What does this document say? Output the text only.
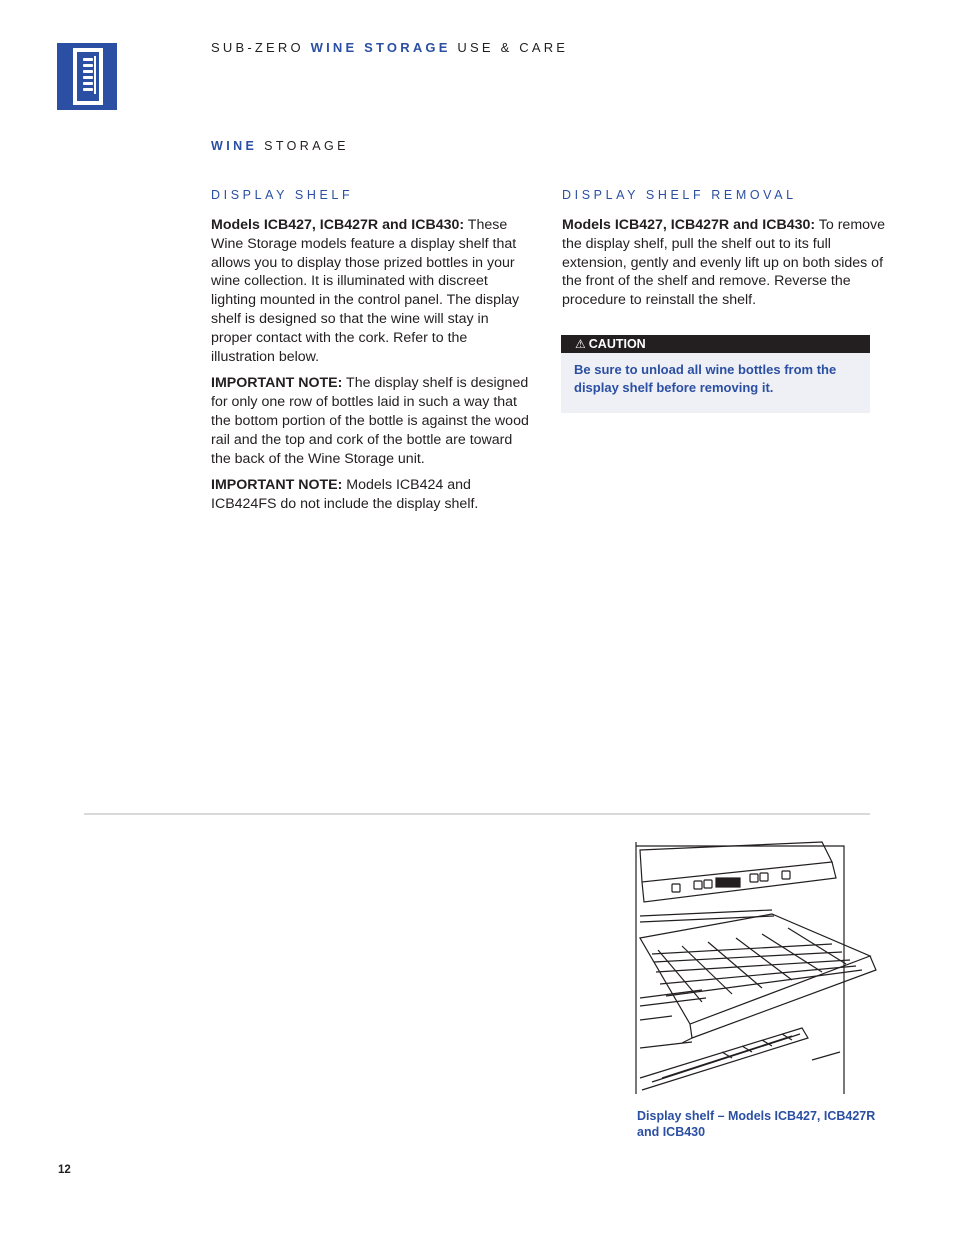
SUB-ZERO WINE STORAGE USE & CARE
WINE STORAGE
DISPLAY SHELF

Models ICB427, ICB427R and ICB430: These Wine Storage models feature a display shelf that allows you to display those prized bottles in your wine collection. It is illuminated with discreet lighting mounted in the control panel. The display shelf is designed so that the wine will stay in proper contact with the cork. Refer to the illustration below.

IMPORTANT NOTE: The display shelf is designed for only one row of bottles laid in such a way that the bottom portion of the bottle is against the wood rail and the top and cork of the bottle are toward the back of the Wine Storage unit.

IMPORTANT NOTE: Models ICB424 and ICB424FS do not include the display shelf.

DISPLAY SHELF REMOVAL

Models ICB427, ICB427R and ICB430: To remove the display shelf, pull the shelf out to its full extension, gently and evenly lift up on both sides of the front of the shelf and remove. Reverse the procedure to reinstall the shelf.

⚠ CAUTION
Be sure to unload all wine bottles from the display shelf before removing it.
Display shelf – Models ICB427, ICB427R and ICB430
12
